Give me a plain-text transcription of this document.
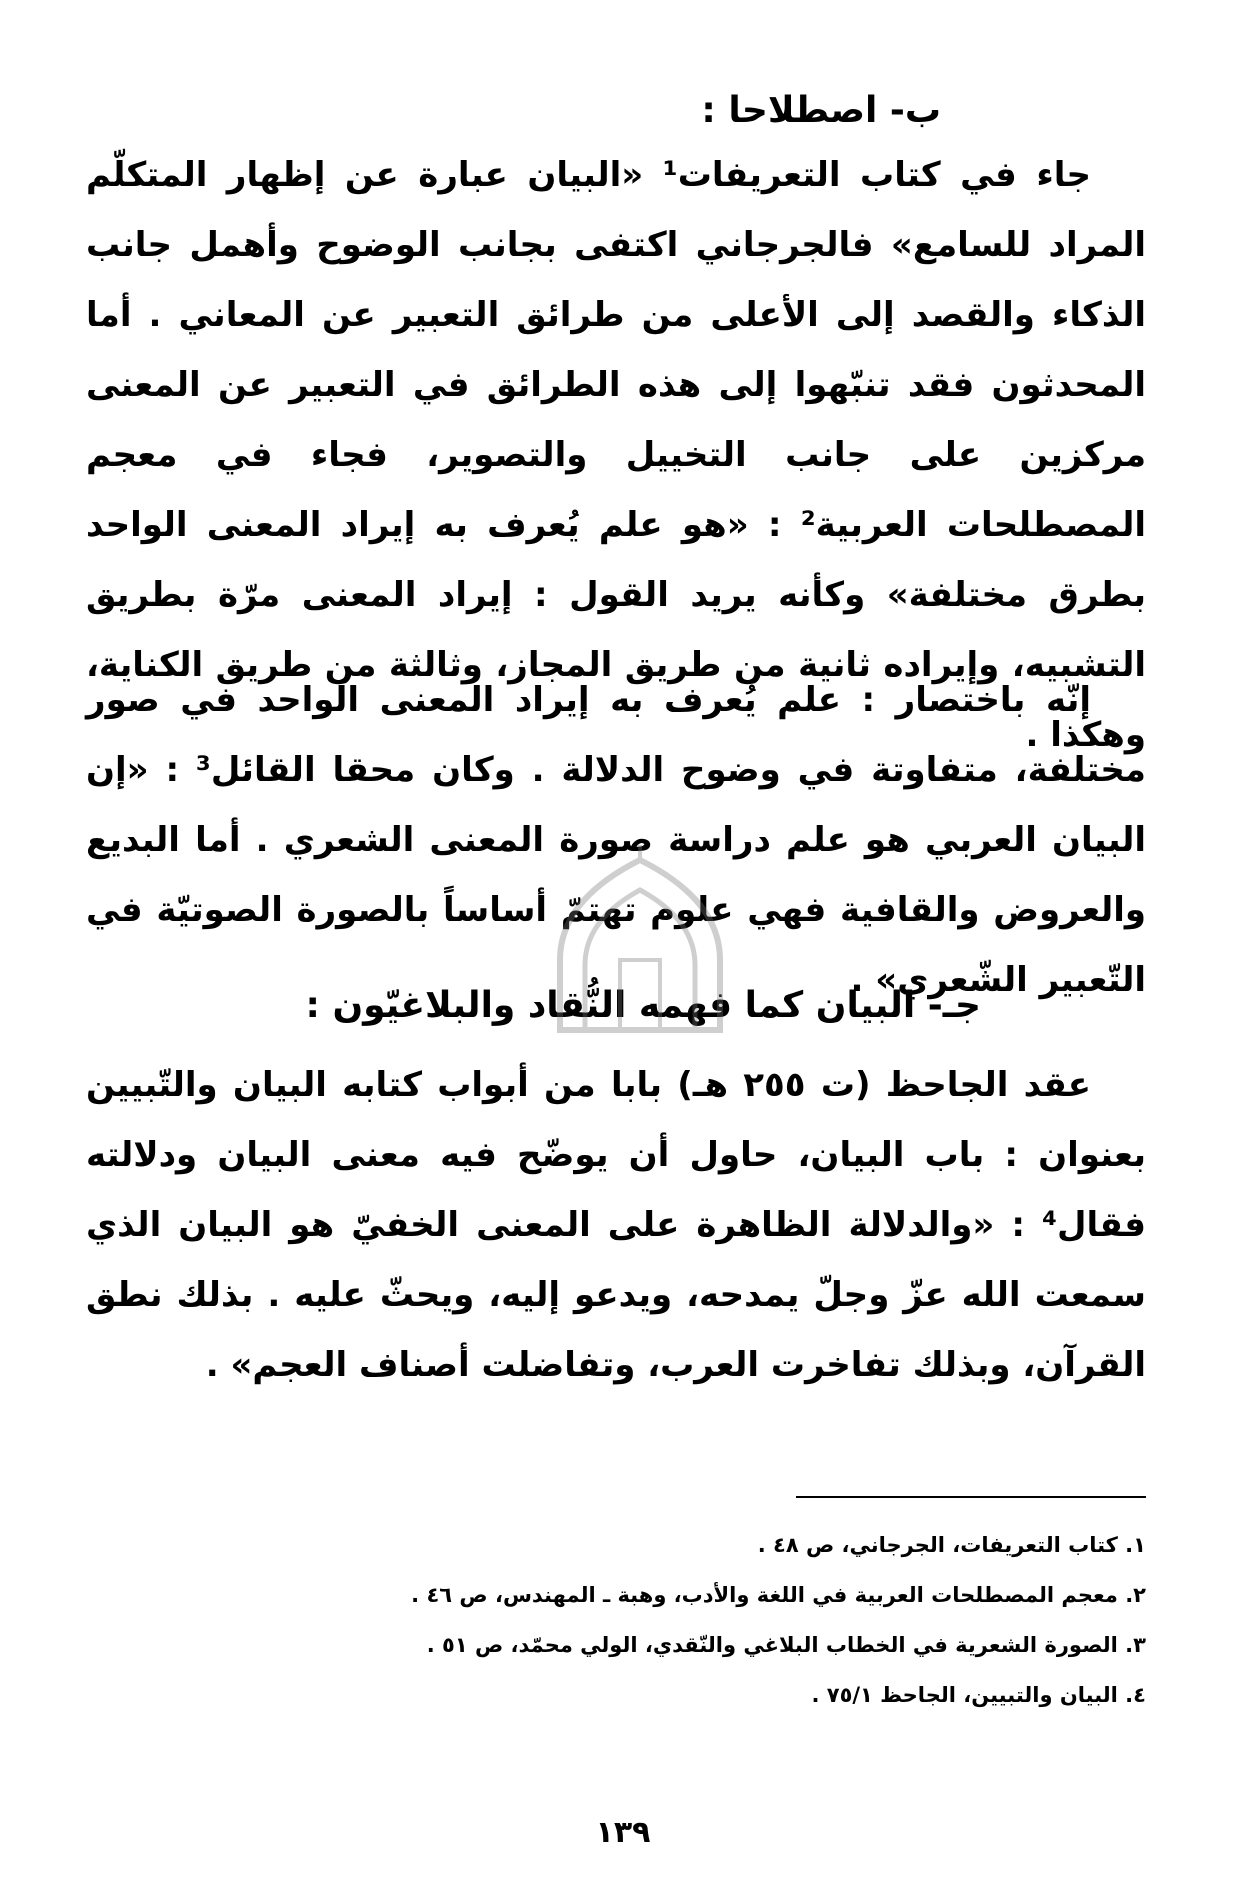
ب- اصطلاحا :
جاء في كتاب التعريفات¹ «البيان عبارة عن إظهار المتكلّم المراد للسامع» فالجرجاني اكتفى بجانب الوضوح وأهمل جانب الذكاء والقصد إلى الأعلى من طرائق التعبير عن المعاني . أما المحدثون فقد تنبّهوا إلى هذه الطرائق في التعبير عن المعنى مركزين على جانب التخييل والتصوير، فجاء في معجم المصطلحات العربية² : «هو علم يُعرف به إيراد المعنى الواحد بطرق مختلفة» وكأنه يريد القول : إيراد المعنى مرّة بطريق التشبيه، وإيراده ثانية من طريق المجاز، وثالثة من طريق الكناية، وهكذا .
إنّه باختصار : علم يُعرف به إيراد المعنى الواحد في صور مختلفة، متفاوتة في وضوح الدلالة . وكان محقا القائل³ : «إن البيان العربي هو علم دراسة صورة المعنى الشعري . أما البديع والعروض والقافية فهي علوم تهتمّ أساساً بالصورة الصوتيّة في التّعبير الشّعري» .
جـ- البيان كما فهمه النُّقاد والبلاغيّون :
عقد الجاحظ (ت ٢٥٥ هـ) بابا من أبواب كتابه البيان والتّبيين بعنوان : باب البيان، حاول أن يوضّح فيه معنى البيان ودلالته فقال⁴ : «والدلالة الظاهرة على المعنى الخفيّ هو البيان الذي سمعت الله عزّ وجلّ يمدحه، ويدعو إليه، ويحثّ عليه . بذلك نطق القرآن، وبذلك تفاخرت العرب، وتفاضلت أصناف العجم» .
١. كتاب التعريفات، الجرجاني، ص ٤٨ .
٢. معجم المصطلحات العربية في اللغة والأدب، وهبة ـ المهندس، ص ٤٦ .
٣. الصورة الشعرية في الخطاب البلاغي والنّقدي، الولي محمّد، ص ٥١ .
٤. البيان والتبيين، الجاحظ ٧٥/١ .
١٣٩
